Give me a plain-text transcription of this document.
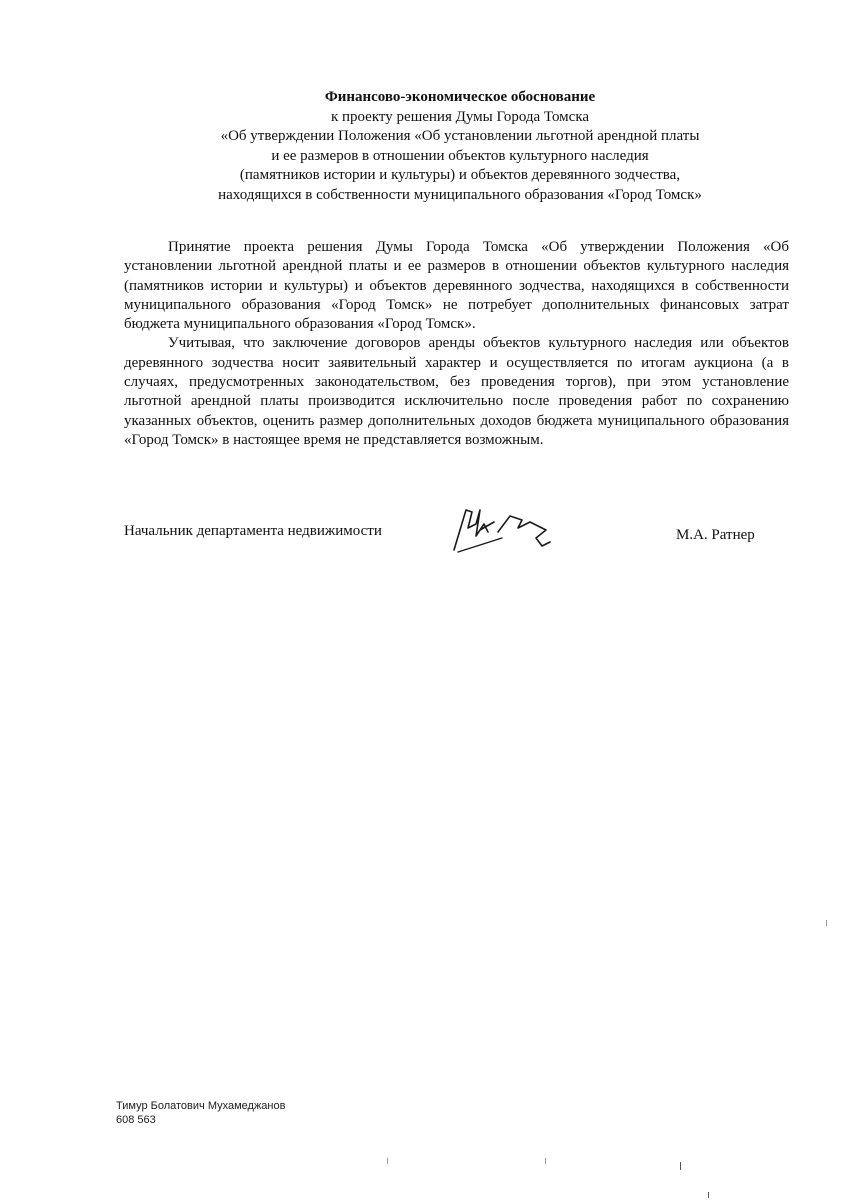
Финансово-экономическое обоснование
к проекту решения Думы Города Томска
«Об утверждении Положения «Об установлении льготной арендной платы
и ее размеров в отношении объектов культурного наследия
(памятников истории и культуры) и объектов деревянного зодчества,
находящихся в собственности муниципального образования «Город Томск»

Принятие проекта решения Думы Города Томска «Об утверждении Положения «Об установлении льготной арендной платы и ее размеров в отношении объектов культурного наследия (памятников истории и культуры) и объектов деревянного зодчества, находящихся в собственности муниципального образования «Город Томск» не потребует дополнительных финансовых затрат бюджета муниципального образования «Город Томск».

Учитывая, что заключение договоров аренды объектов культурного наследия или объектов деревянного зодчества носит заявительный характер и осуществляется по итогам аукциона (а в случаях, предусмотренных законодательством, без проведения торгов), при этом установление льготной арендной платы производится исключительно после проведения работ по сохранению указанных объектов, оценить размер дополнительных доходов бюджета муниципального образования «Город Томск» в настоящее время не представляется возможным.

Начальник департамента недвижимости	М.А. Ратнер
Тимур Болатович Мухамеджанов
608 563
